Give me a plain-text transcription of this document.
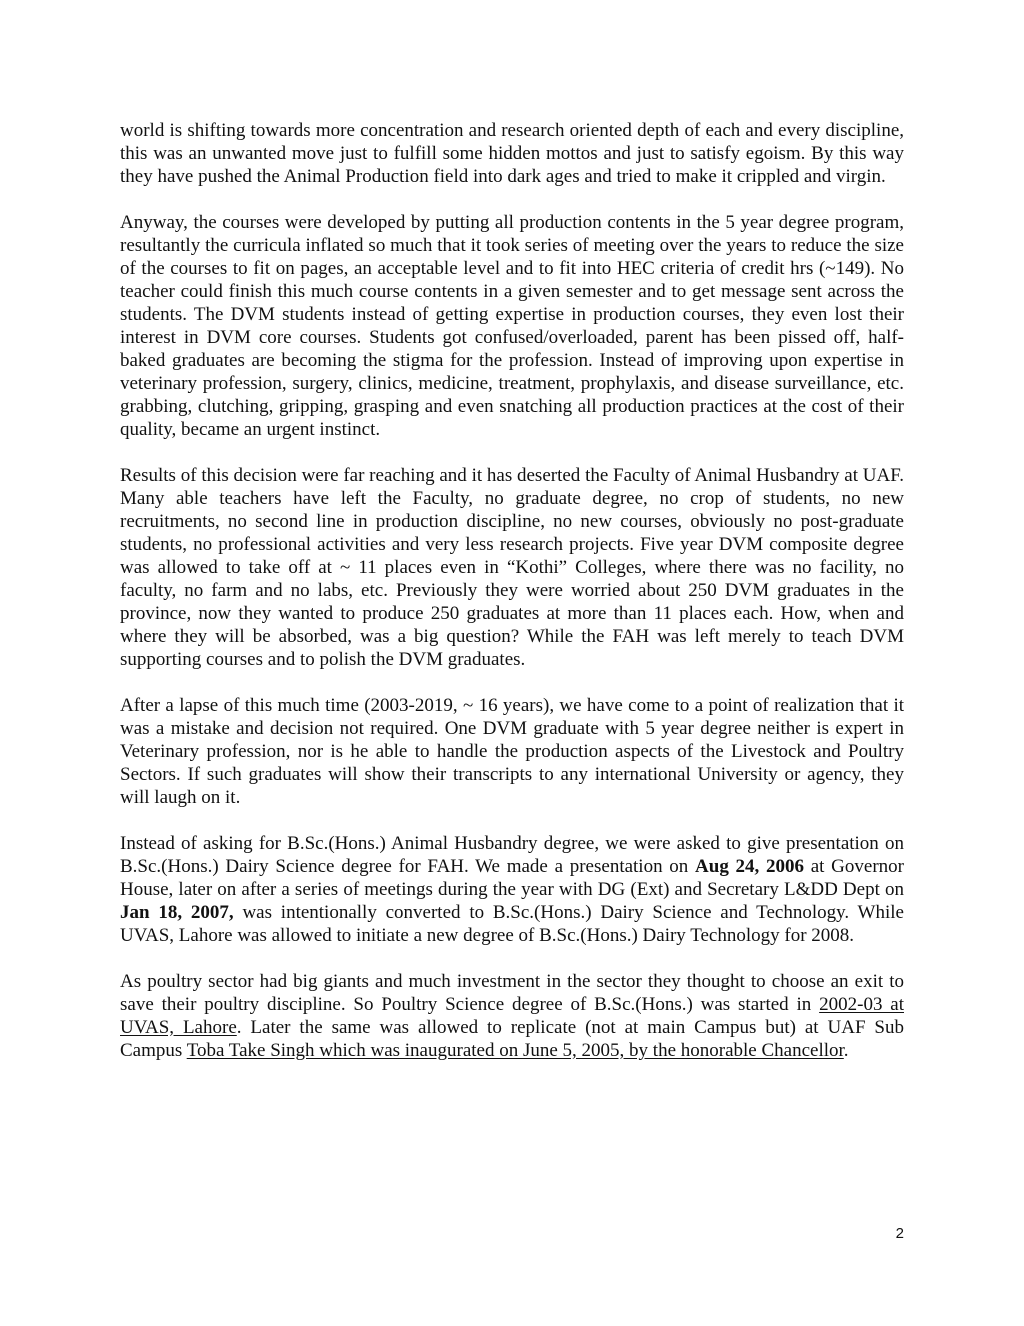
world is shifting towards more concentration and research oriented depth of each and every discipline, this was an unwanted move just to fulfill some hidden mottos and just to satisfy egoism. By this way they have pushed the Animal Production field into dark ages and tried to make it crippled and virgin.

Anyway, the courses were developed by putting all production contents in the 5 year degree program, resultantly the curricula inflated so much that it took series of meeting over the years to reduce the size of the courses to fit on pages, an acceptable level and to fit into HEC criteria of credit hrs (~149). No teacher could finish this much course contents in a given semester and to get message sent across the students. The DVM students instead of getting expertise in production courses, they even lost their interest in DVM core courses. Students got confused/overloaded, parent has been pissed off, half-baked graduates are becoming the stigma for the profession. Instead of improving upon expertise in veterinary profession, surgery, clinics, medicine, treatment, prophylaxis, and disease surveillance, etc. grabbing, clutching, gripping, grasping and even snatching all production practices at the cost of their quality, became an urgent instinct.

Results of this decision were far reaching and it has deserted the Faculty of Animal Husbandry at UAF. Many able teachers have left the Faculty, no graduate degree, no crop of students, no new recruitments, no second line in production discipline, no new courses, obviously no post-graduate students, no professional activities and very less research projects. Five year DVM composite degree was allowed to take off at ~ 11 places even in “Kothi” Colleges, where there was no facility, no faculty, no farm and no labs, etc. Previously they were worried about 250 DVM graduates in the province, now they wanted to produce 250 graduates at more than 11 places each. How, when and where they will be absorbed, was a big question? While the FAH was left merely to teach DVM supporting courses and to polish the DVM graduates.

After a lapse of this much time (2003-2019, ~ 16 years), we have come to a point of realization that it was a mistake and decision not required. One DVM graduate with 5 year degree neither is expert in Veterinary profession, nor is he able to handle the production aspects of the Livestock and Poultry Sectors. If such graduates will show their transcripts to any international University or agency, they will laugh on it.

Instead of asking for B.Sc.(Hons.) Animal Husbandry degree, we were asked to give presentation on B.Sc.(Hons.) Dairy Science degree for FAH. We made a presentation on Aug 24, 2006 at Governor House, later on after a series of meetings during the year with DG (Ext) and Secretary L&DD Dept on Jan 18, 2007, was intentionally converted to B.Sc.(Hons.) Dairy Science and Technology. While UVAS, Lahore was allowed to initiate a new degree of B.Sc.(Hons.) Dairy Technology for 2008.

As poultry sector had big giants and much investment in the sector they thought to choose an exit to save their poultry discipline. So Poultry Science degree of B.Sc.(Hons.) was started in 2002-03 at UVAS, Lahore. Later the same was allowed to replicate (not at main Campus but) at UAF Sub Campus Toba Take Singh which was inaugurated on June 5, 2005, by the honorable Chancellor.

2
